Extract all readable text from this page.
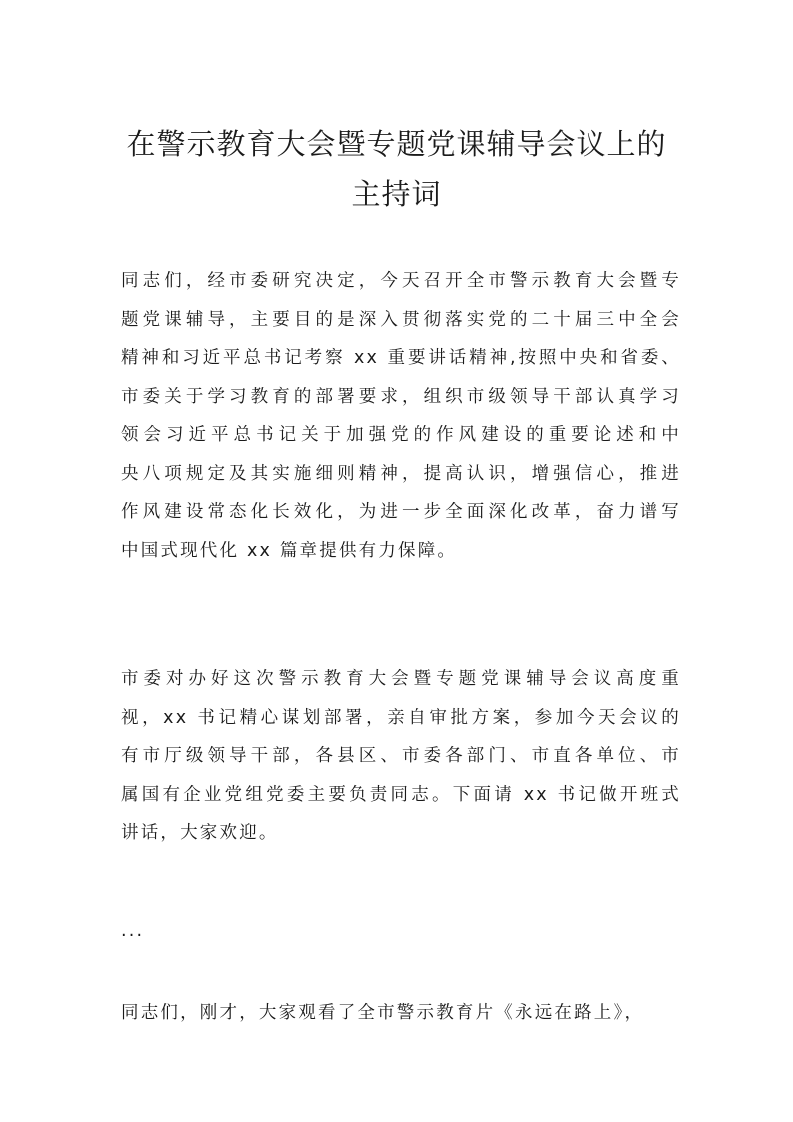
在警示教育大会暨专题党课辅导会议上的
主持词
同志们，经市委研究决定，今天召开全市警示教育大会暨专
题党课辅导，主要目的是深入贯彻落实党的二十届三中全会
精神和习近平总书记考察 xx 重要讲话精神,按照中央和省委、
市委关于学习教育的部署要求，组织市级领导干部认真学习
领会习近平总书记关于加强党的作风建设的重要论述和中
央八项规定及其实施细则精神，提高认识，增强信心，推进
作风建设常态化长效化，为进一步全面深化改革，奋力谱写
中国式现代化 xx 篇章提供有力保障。
市委对办好这次警示教育大会暨专题党课辅导会议高度重
视，xx 书记精心谋划部署，亲自审批方案，参加今天会议的
有市厅级领导干部，各县区、市委各部门、市直各单位、市
属国有企业党组党委主要负责同志。下面请 xx 书记做开班式
讲话，大家欢迎。
...
同志们，刚才，大家观看了全市警示教育片《永远在路上》，
